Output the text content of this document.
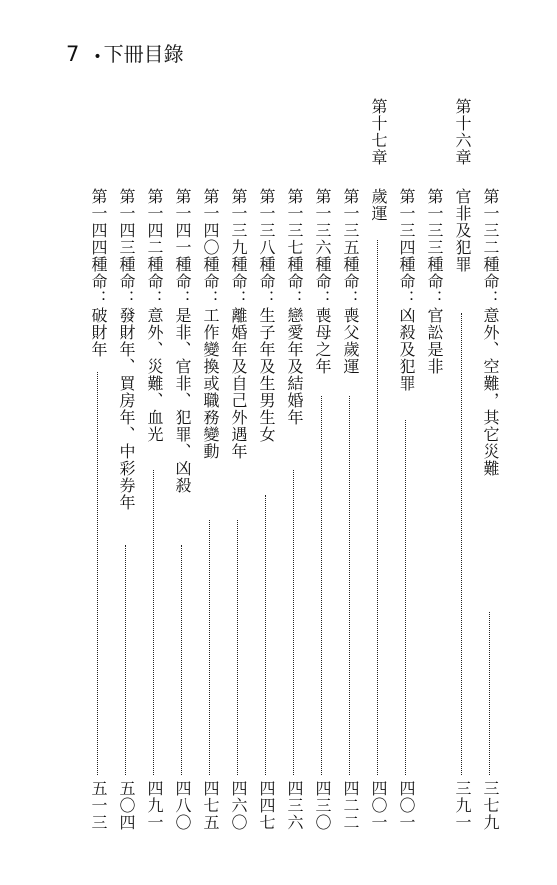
7 • 下冊目錄
第十六章
官非及犯罪
三九一
第一三二種命：意外、空難，其它災難
三七九
第一三三種命：官訟是非
第一三四種命：凶殺及犯罪
四〇一
第十七章
歲運
四〇一
第一三五種命：喪父歲運
四二二
第一三六種命：喪母之年
四三〇
第一三七種命：戀愛年及結婚年
四三六
第一三八種命：生子年及生男生女
四四七
第一三九種命：離婚年及自己外遇年
四六〇
第一四〇種命：工作變換或職務變動
四七五
第一四一種命：是非、官非、犯罪、凶殺
四八〇
第一四二種命：意外、災難、血光
四九一
第一四三種命：發財年、買房年、中彩券年
五〇四
第一四四種命：破財年
五一三
